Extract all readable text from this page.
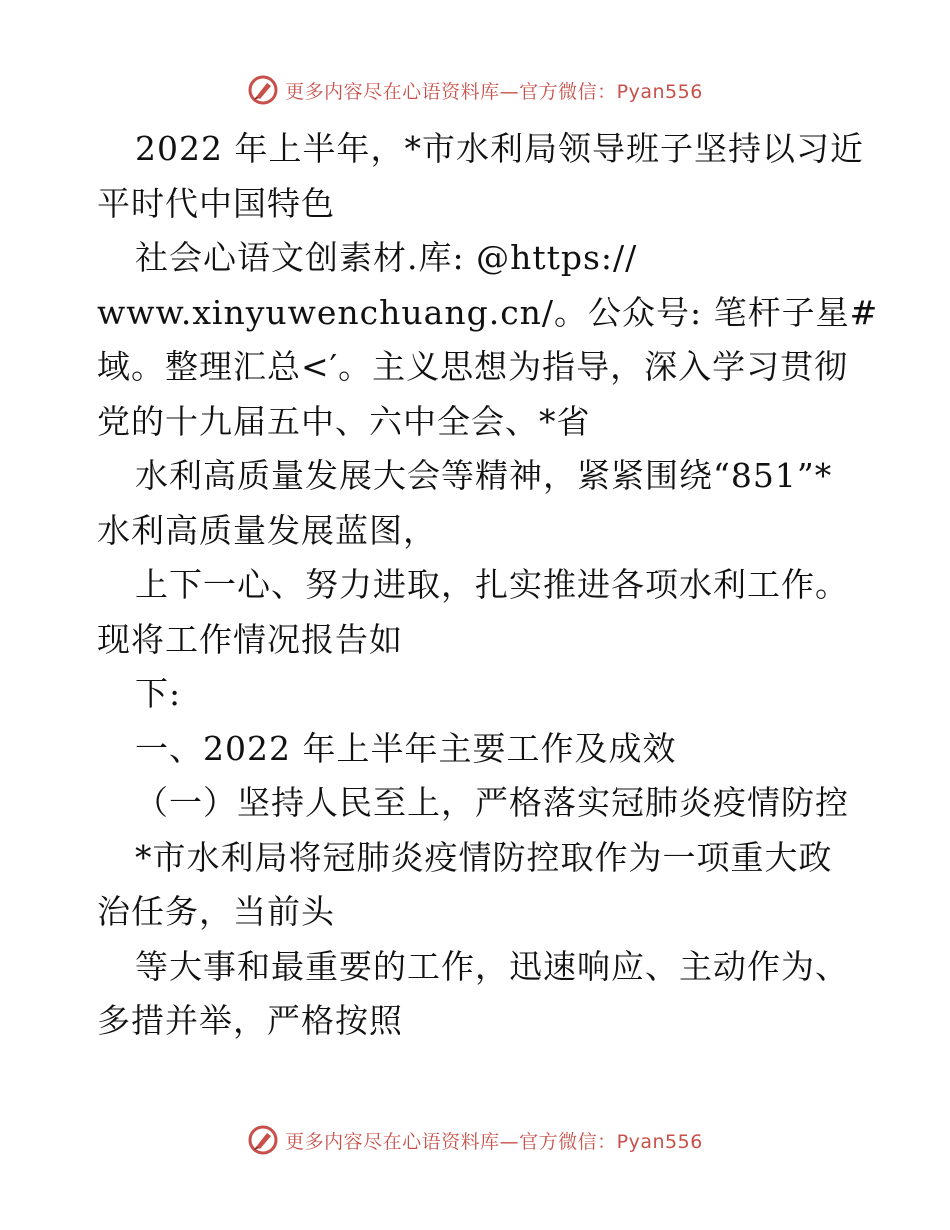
更多内容尽在心语资料库—官方微信：Pyan556
2022 年上半年，*市水利局领导班子坚持以习近
平时代中国特色
社会心语文创素材.库: @https://
www.xinyuwenchuang.cn/。公众号: 笔杆子星#
域。整理汇总<′。主义思想为指导，深入学习贯彻
党的十九届五中、六中全会、*省
水利高质量发展大会等精神，紧紧围绕“851”*
水利高质量发展蓝图，
上下一心、努力进取，扎实推进各项水利工作。
现将工作情况报告如
下:
一、2022 年上半年主要工作及成效
（一）坚持人民至上，严格落实冠肺炎疫情防控
*市水利局将冠肺炎疫情防控取作为一项重大政
治任务，当前头
等大事和最重要的工作，迅速响应、主动作为、
多措并举，严格按照
更多内容尽在心语资料库—官方微信：Pyan556
